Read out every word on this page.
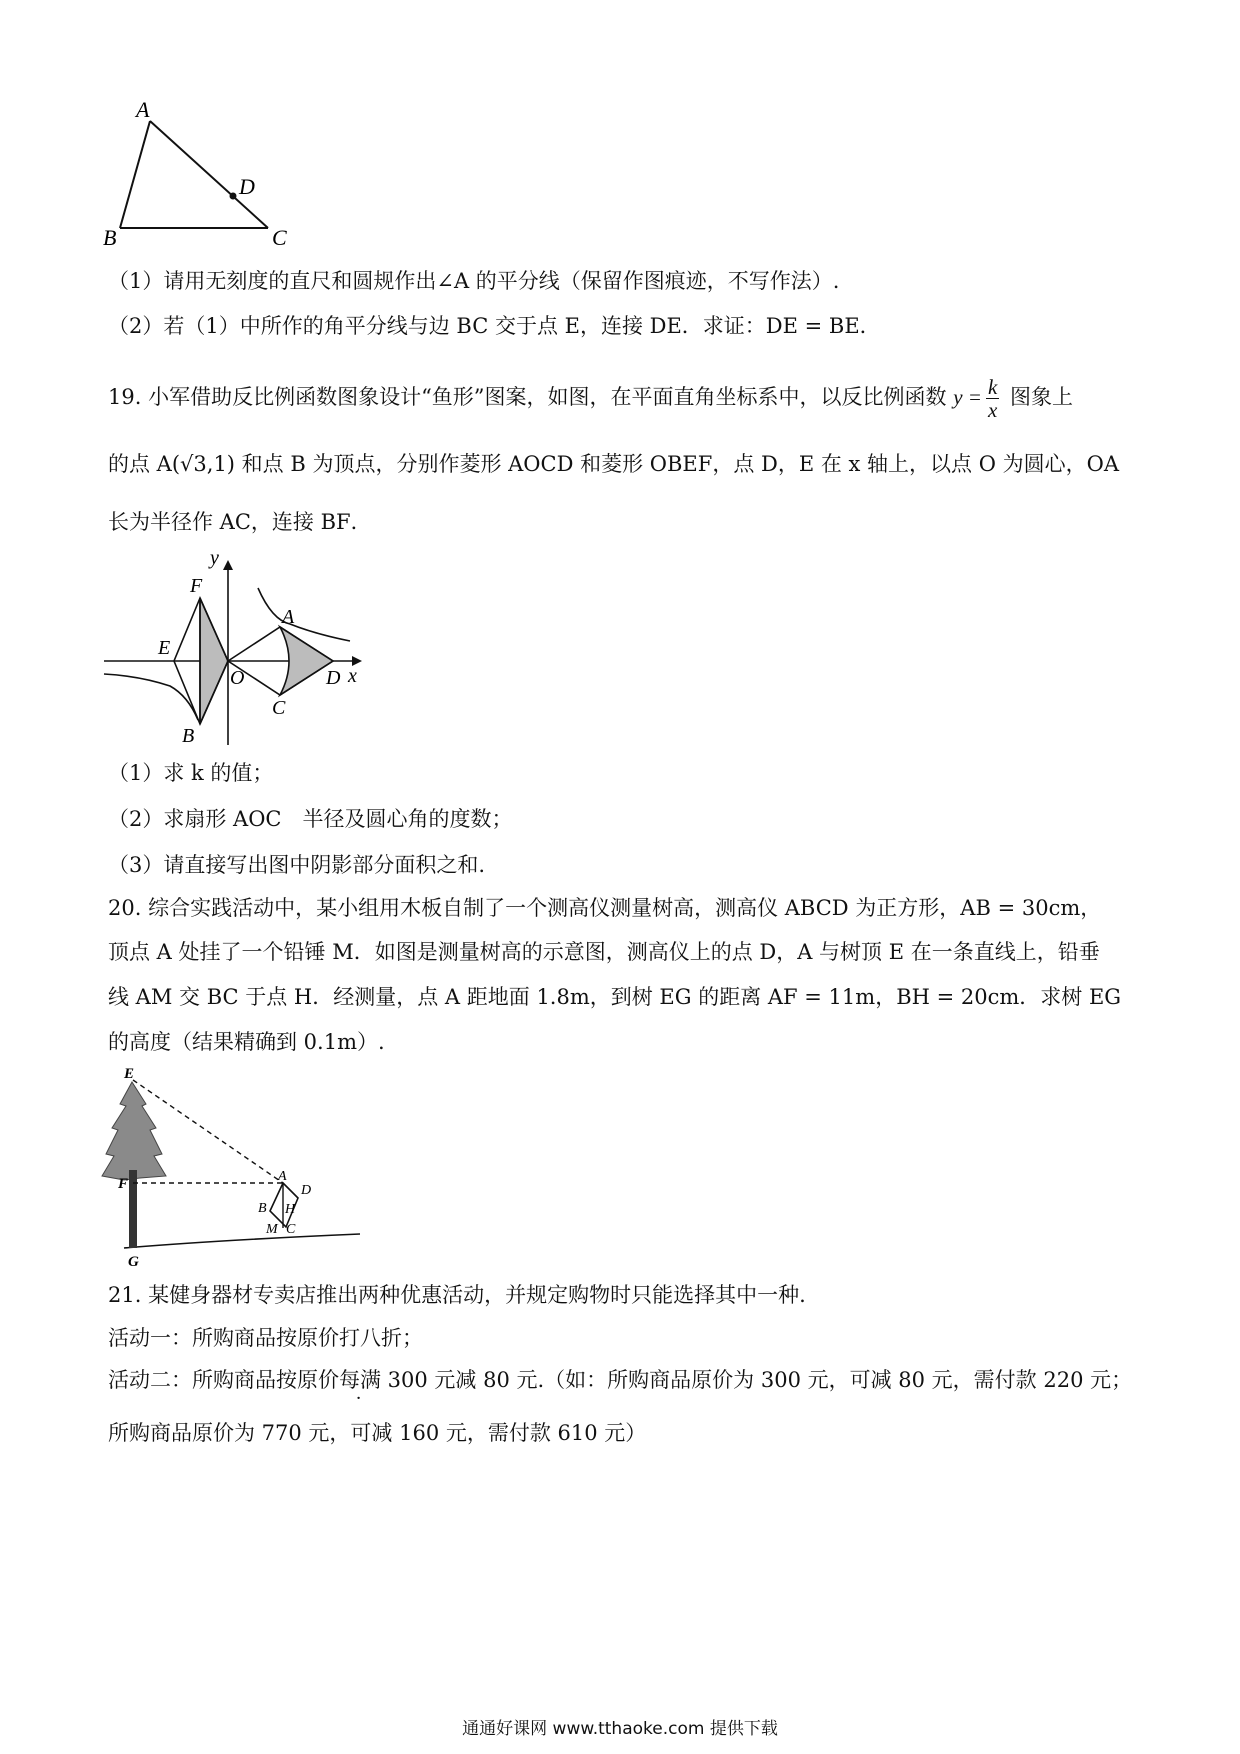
A
B	C
D
（1）请用无刻度的直尺和圆规作出∠A 的平分线（保留作图痕迹，不写作法）.
（2）若（1）中所作的角平分线与边 BC 交于点 E，连接 DE．求证：DE = BE．
19. 小军借助反比例函数图象设计“鱼形”图案，如图，在平面直角坐标系中，以反比例函数 $y = \frac{k}{x}$ 图象上
的点 A(√3,1) 和点 B 为顶点，分别作菱形 AOCD 和菱形 OBEF，点 D，E 在 x 轴上，以点 O 为圆心，OA
长为半径作 AC，连接 BF．
y
x
F
E
O
A
D
C
B
（1）求 k 的值；
（2）求扇形 AOC　半径及圆心角的度数；
（3）请直接写出图中阴影部分面积之和.
20. 综合实践活动中，某小组用木板自制了一个测高仪测量树高，测高仪 ABCD 为正方形，AB = 30cm，
顶点 A 处挂了一个铅锤 M．如图是测量树高的示意图，测高仪上的点 D，A 与树顶 E 在一条直线上，铅垂
线 AM 交 BC 于点 H．经测量，点 A 距地面 1.8m，到树 EG 的距离 AF = 11m，BH = 20cm．求树 EG
的高度（结果精确到 0.1m）.
E
F
G
A
D
B H
M C
21. 某健身器材专卖店推出两种优惠活动，并规定购物时只能选择其中一种.
活动一：所购商品按原价打八折；
活动二：所购商品按原价每满 300 元减 80 元.（如：所购商品原价为 300 元，可减 80 元，需付款 220 元；
所购商品原价为 770 元，可减 160 元，需付款 610 元）
通通好课网 www.tthaoke.com 提供下载
